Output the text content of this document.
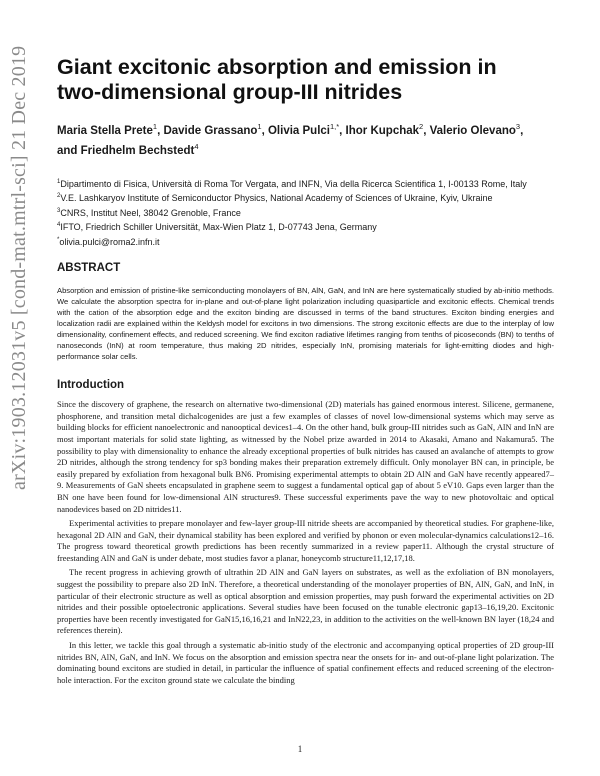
arXiv:1903.12031v5 [cond-mat.mtrl-sci] 21 Dec 2019 Giant excitonic absorption and emission in
two-dimensional group-III nitrides
Maria Stella Prete$^1$, Davide Grassano$^1$, Olivia Pulci$^{1,*}$, Ihor Kupchak$^2$, Valerio Olevano$^3$,
and Friedhelm Bechstedt$^4$
$^1$Dipartimento di Fisica, Università di Roma Tor Vergata, and INFN, Via della Ricerca Scientifica 1, I-00133 Rome, Italy
$^2$V.E. Lashkaryov Institute of Semiconductor Physics, National Academy of Sciences of Ukraine, Kyiv, Ukraine
$^3$CNRS, Institut Neel, 38042 Grenoble, France
$^4$IFTO, Friedrich Schiller Universität, Max-Wien Platz 1, D-07743 Jena, Germany
*olivia.pulci@roma2.infn.it
ABSTRACT

Absorption and emission of pristine-like semiconducting monolayers of BN, AlN, GaN, and InN are here systematically studied by ab-initio methods. We calculate the absorption spectra for in-plane and out-of-plane light polarization including quasiparticle and excitonic effects. Chemical trends with the cation of the absorption edge and the exciton binding are discussed in terms of the band structures. Exciton binding energies and localization radii are explained within the Keldysh model for excitons in two dimensions. The strong excitonic effects are due to the interplay of low dimensionality, confinement effects, and reduced screening. We find exciton radiative lifetimes ranging from tenths of picoseconds (BN) to tenths of nanoseconds (InN) at room temperature, thus making 2D nitrides, especially InN, promising materials for light-emitting diodes and high-performance solar cells.

Introduction

Since the discovery of graphene, the research on alternative two-dimensional (2D) materials has gained enormous interest. Silicene, germanene, phosphorene, and transition metal dichalcogenides are just a few examples of classes of novel low-dimensional systems which may serve as building blocks for efficient nanoelectronic and nanooptical devices1–4. On the other hand, bulk group-III nitrides such as GaN, AlN and InN are most important materials for solid state lighting, as witnessed by the Nobel prize awarded in 2014 to Akasaki, Amano and Nakamura5. The possibility to play with dimensionality to enhance the already exceptional properties of bulk nitrides has caused an avalanche of attempts to grow 2D nitrides, although the strong tendency for sp3 bonding makes their preparation extremely difficult. Only monolayer BN can, in principle, be easily prepared by exfoliation from hexagonal bulk BN6. Promising experimental attempts to obtain 2D AlN and GaN have recently appeared7–9. Measurements of GaN sheets encapsulated in graphene seem to suggest a fundamental optical gap of about 5 eV10. Gaps even larger than the BN one have been found for low-dimensional AlN structures9. These successful experiments pave the way to new photovoltaic and optical nanodevices based on 2D nitrides11.

Experimental activities to prepare monolayer and few-layer group-III nitride sheets are accompanied by theoretical studies. For graphene-like, hexagonal 2D AlN and GaN, their dynamical stability has been explored and verified by phonon or even molecular-dynamics calculations12–16. The progress toward theoretical growth predictions has been recently summarized in a review paper11. Although the crystal structure of freestanding AlN and GaN is under debate, most studies favor a planar, honeycomb structure11,12,17,18.

The recent progress in achieving growth of ultrathin 2D AlN and GaN layers on substrates, as well as the exfoliation of BN monolayers, suggest the possibility to prepare also 2D InN. Therefore, a theoretical understanding of the monolayer properties of BN, AlN, GaN, and InN, in particular of their electronic structure as well as optical absorption and emission properties, may push forward the experimental activities on 2D nitrides and their possible optoelectronic applications. Several studies have been focused on the tunable electronic gap13–16,19,20. Excitonic properties have been recently investigated for GaN15,16,16,21 and InN22,23, in addition to the activities on the well-known BN layer (18,24 and references therein).

In this letter, we tackle this goal through a systematic ab-initio study of the electronic and accompanying optical properties of 2D group-III nitrides BN, AlN, GaN, and InN. We focus on the absorption and emission spectra near the onsets for in- and out-of-plane light polarization. The dominating bound excitons are studied in detail, in particular the influence of spatial confinement effects and reduced screening of the electron-hole interaction. For the exciton ground state we calculate the binding

1
